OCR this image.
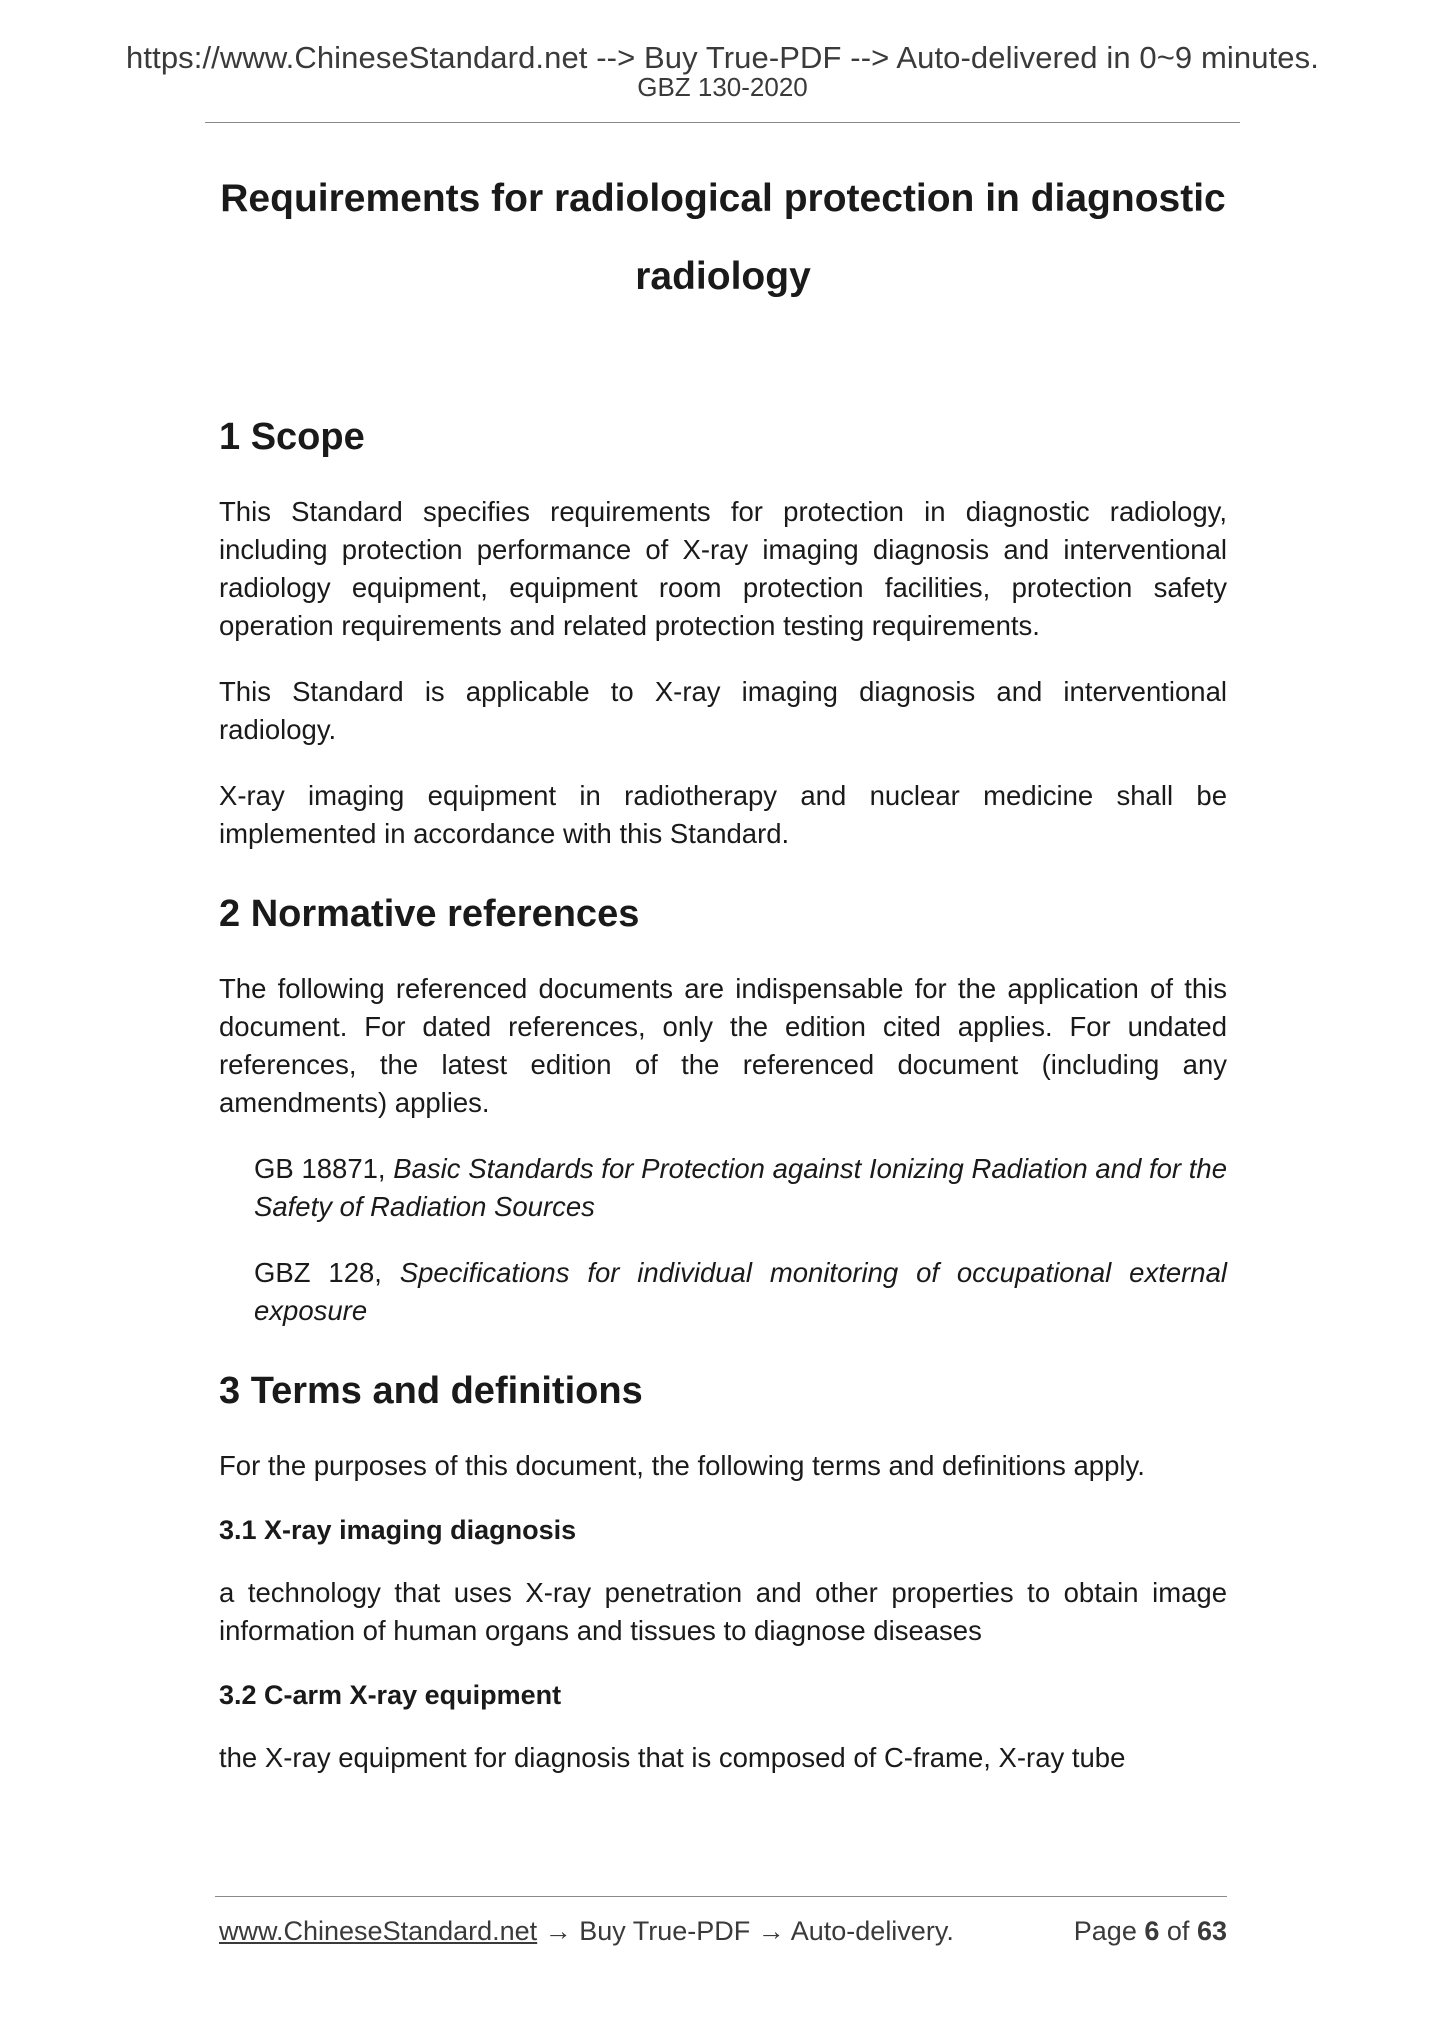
https://www.ChineseStandard.net --> Buy True-PDF --> Auto-delivered in 0~9 minutes.
GBZ 130-2020

Requirements for radiological protection in diagnostic
radiology

1 Scope

This Standard specifies requirements for protection in diagnostic radiology, including protection performance of X-ray imaging diagnosis and interventional radiology equipment, equipment room protection facilities, protection safety operation requirements and related protection testing requirements.

This Standard is applicable to X-ray imaging diagnosis and interventional radiology.

X-ray imaging equipment in radiotherapy and nuclear medicine shall be implemented in accordance with this Standard.

2 Normative references

The following referenced documents are indispensable for the application of this document. For dated references, only the edition cited applies. For undated references, the latest edition of the referenced document (including any amendments) applies.

GB 18871, Basic Standards for Protection against Ionizing Radiation and for the Safety of Radiation Sources

GBZ 128, Specifications for individual monitoring of occupational external exposure

3 Terms and definitions

For the purposes of this document, the following terms and definitions apply.

3.1 X-ray imaging diagnosis

a technology that uses X-ray penetration and other properties to obtain image information of human organs and tissues to diagnose diseases

3.2 C-arm X-ray equipment

the X-ray equipment for diagnosis that is composed of C-frame, X-ray tube

www.ChineseStandard.net → Buy True-PDF → Auto-delivery.	Page 6 of 63
